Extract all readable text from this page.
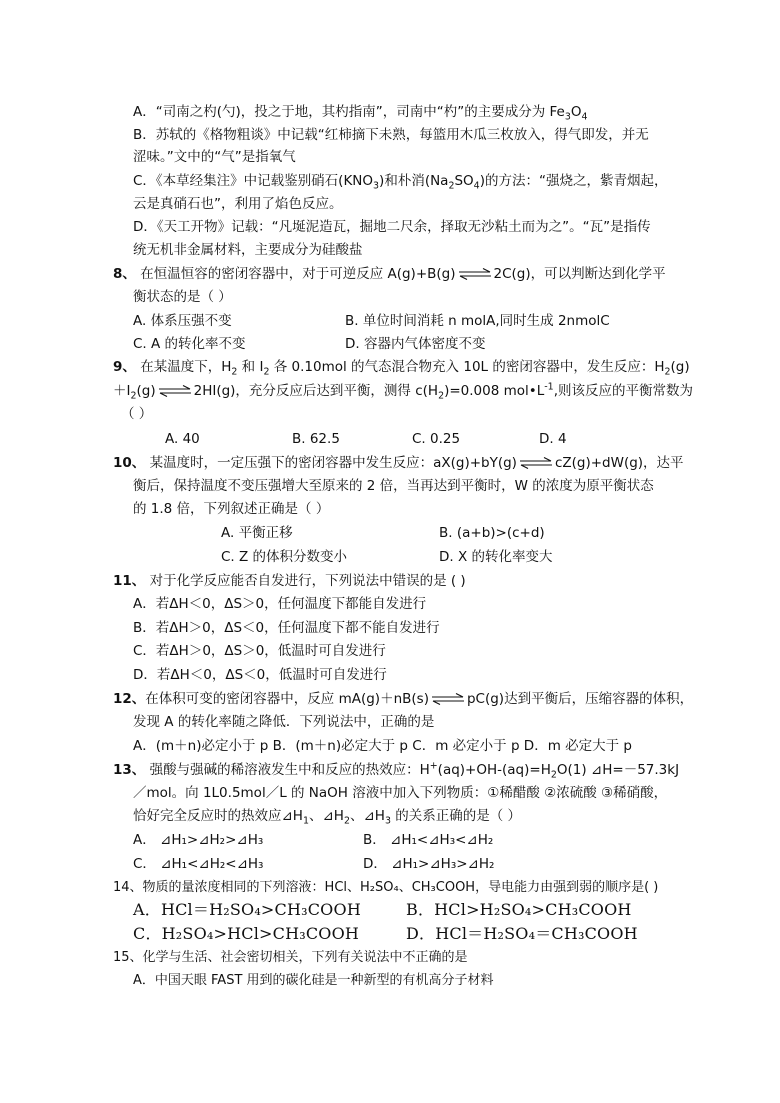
A．“司南之杓(勺)，投之于地，其杓指南”，司南中“杓”的主要成分为 $Fe_3O_4$
B．苏轼的《格物粗谈》中记载“红柿摘下未熟，每篮用木瓜三枚放入，得气即发，并无
涩味。”文中的“气”是指氧气
C．《本草经集注》中记载鉴别硝石$(KNO_3)$和朴消$(Na_2SO_4)$的方法：“强烧之，紫青烟起，
云是真硝石也”，利用了焰色反应。
D．《天工开物》记载：“凡埏泥造瓦，掘地二尺余，择取无沙粘土而为之”。“瓦”是指传
统无机非金属材料，主要成分为硅酸盐
8、 在恒温恒容的密闭容器中，对于可逆反应 A(g)+B(g)	2C(g)，可以判断达到化学平
衡状态的是（ ）
A. 体系压强不变	B. 单位时间消耗 n molA,同时生成 2nmolC
C. A 的转化率不变	D. 容器内气体密度不变
9、 在某温度下，$H_2$ 和 $I_2$ 各 0.10mol 的气态混合物充入 10L 的密闭容器中，发生反应：$H_2(g)$
$+I_2(g)$	2HI(g)，充分反应后达到平衡，测得 $c(H_2)=0.008$ $mol•L^{-1}$,则该反应的平衡常数为
（ ）
A. 40	B. 62.5	C. 0.25	D. 4
10、 某温度时，一定压强下的密闭容器中发生反应：aX(g)+bY(g)	cZ(g)+dW(g)，达平
衡后，保持温度不变压强增大至原来的 2 倍，当再达到平衡时，W 的浓度为原平衡状态
的 1.8 倍，下列叙述正确是（ ）
A. 平衡正移	B. (a+b)>(c+d)
C. Z 的体积分数变小	D. X 的转化率变大
11、 对于化学反应能否自发进行，下列说法中错误的是 ( )
A．若ΔH＜0，ΔS＞0，任何温度下都能自发进行
B．若ΔH＞0，ΔS＜0，任何温度下都不能自发进行
C．若ΔH＞0，ΔS＞0，低温时可自发进行
D．若ΔH＜0，ΔS＜0，低温时可自发进行
12、在体积可变的密闭容器中，反应 mA(g)＋nB(s)	pC(g)达到平衡后，压缩容器的体积，
发现 A 的转化率随之降低．下列说法中，正确的是
A．(m＋n)必定小于 p B．(m＋n)必定大于 p C．m 必定小于 p D．m 必定大于 p
13、 强酸与强碱的稀溶液发生中和反应的热效应：$H^+(aq)+OH-(aq)=H_2O(1)$ ⊿H=－57.3kJ
／mol。向 1L0.5mol／L 的 NaOH 溶液中加入下列物质：①稀醋酸 ②浓硫酸 ③稀硝酸，
恰好完全反应时的热效应$⊿H_1$、$⊿H_2$、$⊿H_3$ 的关系正确的是（ ）
A． ⊿H₁>⊿H₂>⊿H₃	B． ⊿H₁<⊿H₃<⊿H₂
C． ⊿H₁<⊿H₂<⊿H₃	D． ⊿H₁>⊿H₃>⊿H₂
14、物质的量浓度相同的下列溶液：HCl、H₂SO₄、CH₃COOH，导电能力由强到弱的顺序是( )
A．HCl＝H₂SO₄>CH₃COOH	B．HCl>H₂SO₄>CH₃COOH
C．H₂SO₄>HCl>CH₃COOH	D．HCl＝H₂SO₄＝CH₃COOH
15、化学与生活、社会密切相关，下列有关说法中不正确的是
A．中国天眼 FAST 用到的碳化硅是一种新型的有机高分子材料
